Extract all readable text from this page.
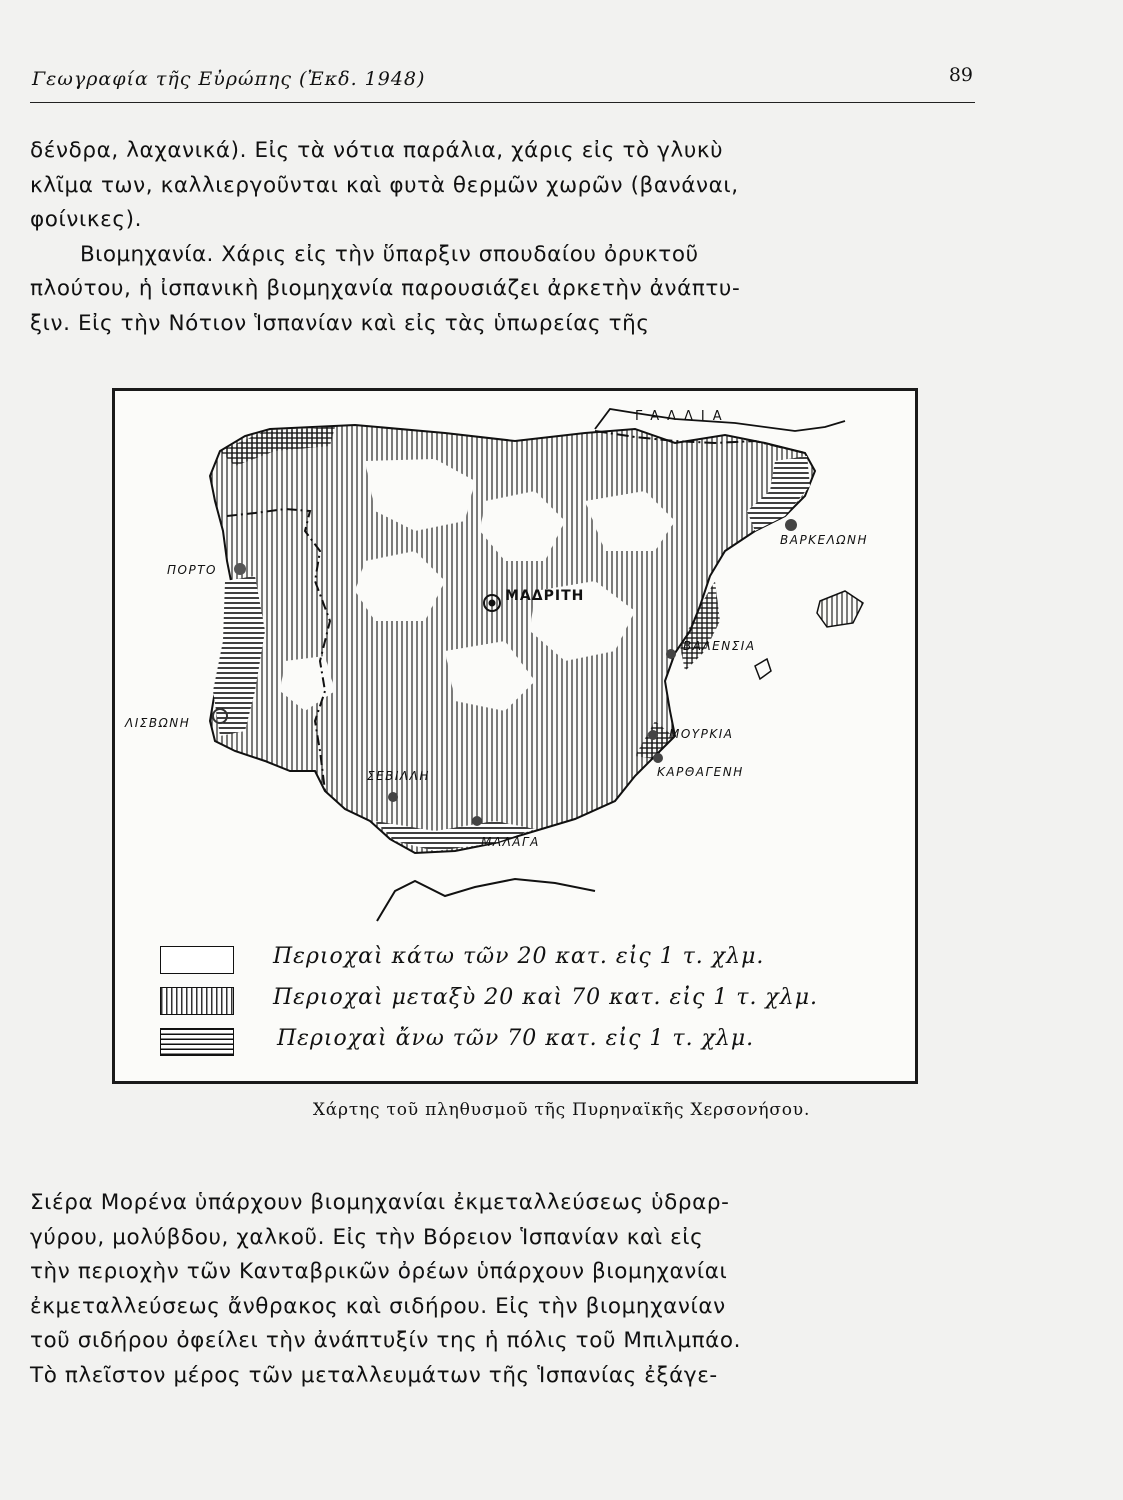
Γεωγραφία τῆς Εὐρώπης (Ἐκδ. 1948)	89

δένδρα, λαχανικά). Εἰς τὰ νότια παράλια, χάρις εἰς τὸ γλυκὺ

κλῖμα των, καλλιεργοῦνται καὶ φυτὰ θερμῶν χωρῶν (βανάναι,

φοίνικες).

Βιομηχανία. Χάρις εἰς τὴν ὕπαρξιν σπουδαίου ὀρυκτοῦ

πλούτου, ἡ ἰσπανικὴ βιομηχανία παρουσιάζει ἀρκετὴν ἀνάπτυ-

ξιν. Εἰς τὴν Νότιον Ἱσπανίαν καὶ εἰς τὰς ὑπωρείας τῆς

ΓΑΛΛΙΑ
ΜΑΔΡΙΤΗ
ΒΑΡΚΕΛΩΝΗ
ΠΟΡΤΟ
ΒΑΛΕΝΣΙΑ
ΛΙΣΒΩΝΗ
ΜΟΥΡΚΙΑ
ΚΑΡΘΑΓΕΝΗ
ΣΕΒΙΛΛΗ
ΜΑΛΑΓΑ
Περιοχαὶ κάτω τῶν 20 κατ. εἰς 1 τ. χλμ.
Περιοχαὶ μεταξὺ 20 καὶ 70 κατ. εἰς 1 τ. χλμ.
Περιοχαὶ ἄνω τῶν 70 κατ. εἰς 1 τ. χλμ.
Χάρτης τοῦ πληθυσμοῦ τῆς Πυρηναϊκῆς Χερσονήσου.

Σιέρα Μορένα ὑπάρχουν βιομηχανίαι ἐκμεταλλεύσεως ὑδραρ-

γύρου, μολύβδου, χαλκοῦ. Εἰς τὴν Βόρειον Ἱσπανίαν καὶ εἰς

τὴν περιοχὴν τῶν Κανταβρικῶν ὀρέων ὑπάρχουν βιομηχανίαι

ἐκμεταλλεύσεως ἄνθρακος καὶ σιδήρου. Εἰς τὴν βιομηχανίαν

τοῦ σιδήρου ὀφείλει τὴν ἀνάπτυξίν της ἡ πόλις τοῦ Μπιλμπάο.

Τὸ πλεῖστον μέρος τῶν μεταλλευμάτων τῆς Ἱσπανίας ἐξάγε-
